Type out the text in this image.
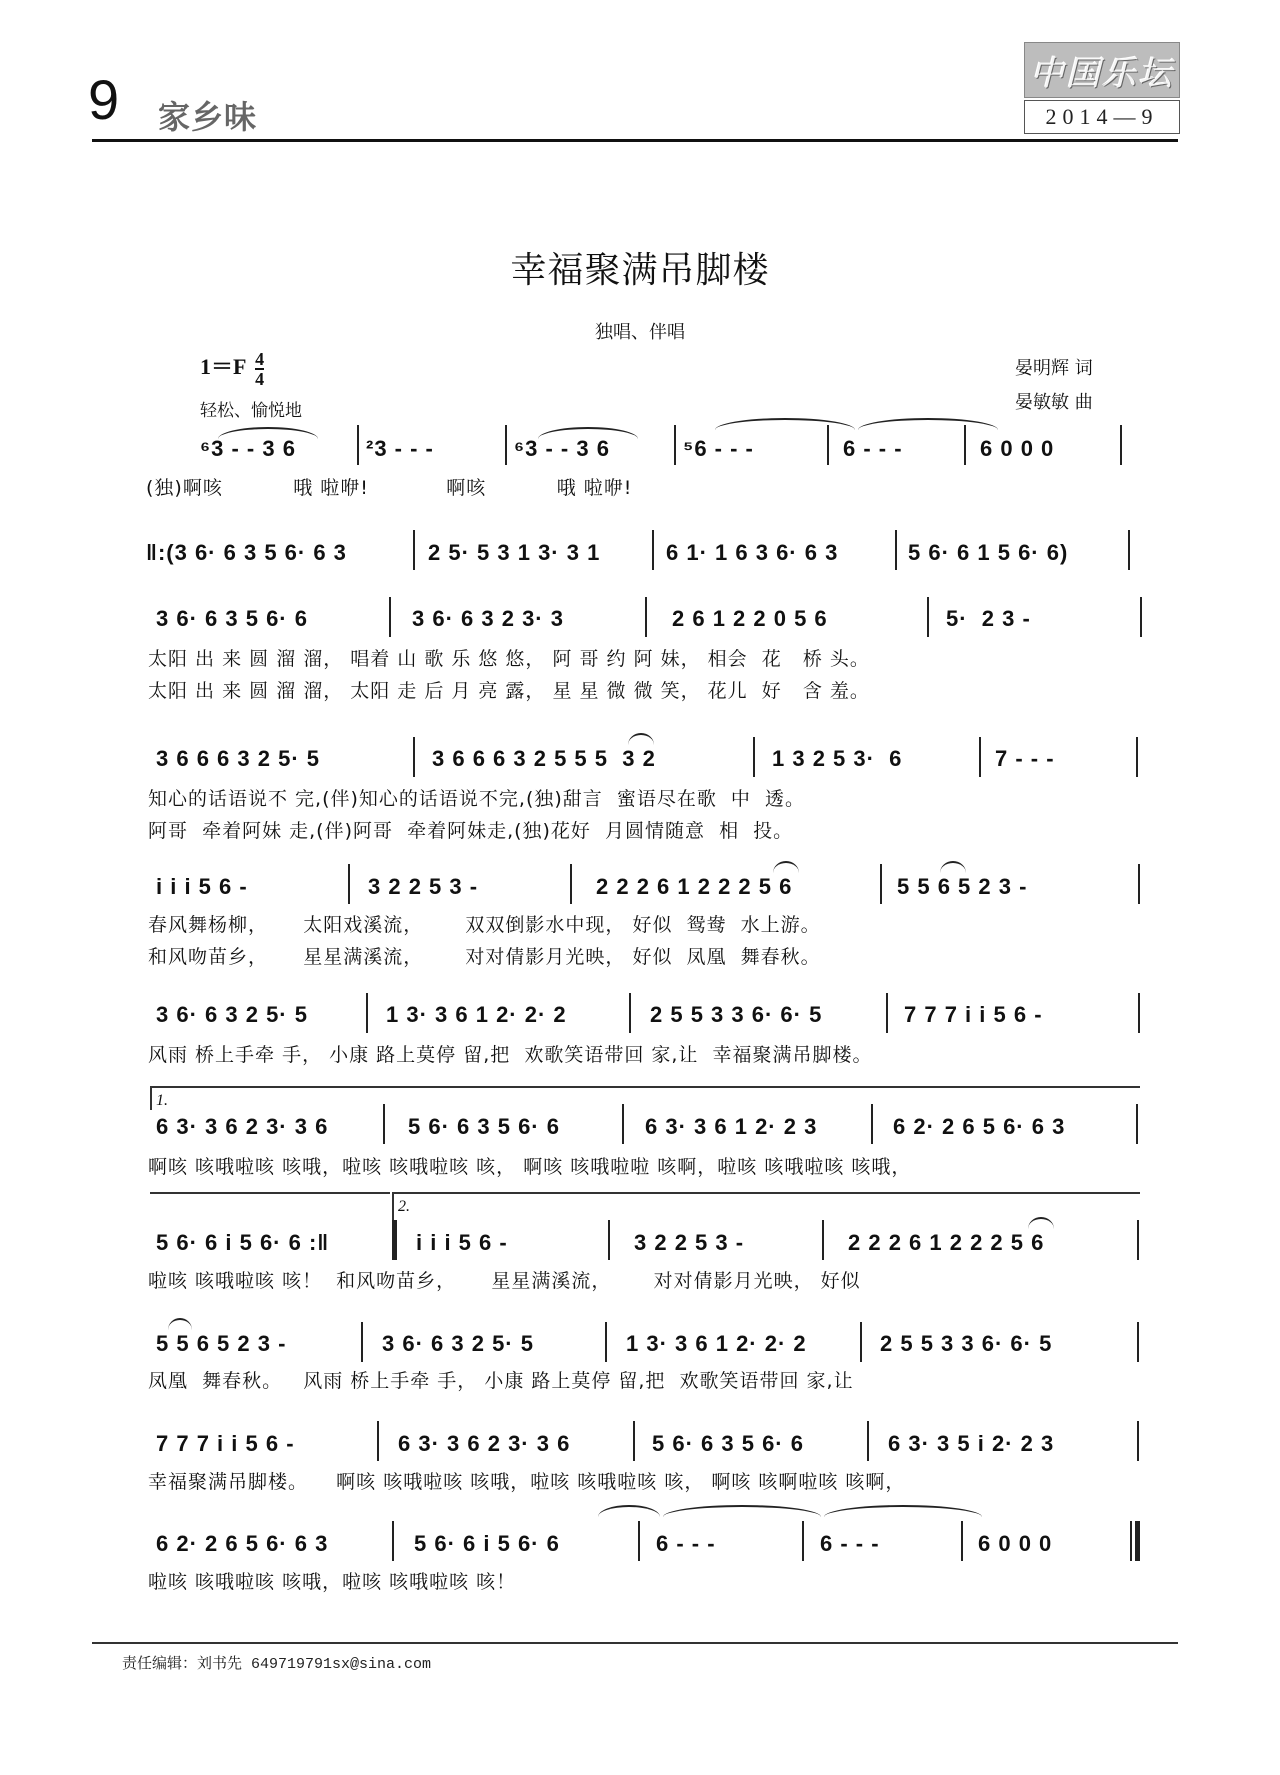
9 家乡味
中国乐坛
2014—9
幸福聚满吊脚楼
独唱、伴唱
$1=F \frac{4}{4}$
轻松、愉悦地
晏明辉 词
晏敏敏 曲
⁶3 - - 3 6	²3 - - -	⁶3 - - 3 6	⁵6 - - -	6 - - -	6 0 0 0
(独)啊咳          哦 啦咿!           啊咳          哦 啦咿!
‖:(3 6· 6 3 5 6· 6 3	2 5· 5 3 1 3· 3 1	6 1· 1 6 3 6· 6 3	5 6· 6 1 5 6· 6)
3 6· 6 3 5 6· 6	3 6· 6 3 2 3· 3	2 6 1 2 2 0 5 6	5·  2 3 -
太阳 出 来 圆 溜 溜， 唱着 山 歌 乐 悠 悠， 阿 哥 约 阿 妹， 相会  花   桥 头。
太阳 出 来 圆 溜 溜， 太阳 走 后 月 亮 露， 星 星 微 微 笑， 花儿  好   含 羞。
3 6 6 6 3 2 5· 5	3 6 6 6 3 2 5 5 5  3 2	1 3 2 5 3·  6	7 - - -
知心的话语说不 完,(伴)知心的话语说不完,(独)甜言  蜜语尽在歌  中  透。
阿哥  牵着阿妹 走,(伴)阿哥  牵着阿妹走,(独)花好  月圆情随意  相  投。
i i i 5 6 -	3 2 2 5 3 -	2 2 2 6 1 2 2 2 5 6	5 5 6 5 2 3 -
春风舞杨柳，     太阳戏溪流，      双双倒影水中现， 好似  鸳鸯  水上游。
和风吻苗乡，     星星满溪流，      对对倩影月光映， 好似  凤凰  舞春秋。
3 6· 6 3 2 5· 5	1 3· 3 6 1 2· 2· 2	2 5 5 3 3 6· 6· 5	7 7 7 i i 5 6 -
风雨 桥上手牵 手， 小康 路上莫停 留,把  欢歌笑语带回 家,让  幸福聚满吊脚楼。
1.
6 3· 3 6 2 3· 3 6	5 6· 6 3 5 6· 6	6 3· 3 6 1 2· 2 3	6 2· 2 6 5 6· 6 3
啊咳 咳哦啦咳 咳哦，啦咳 咳哦啦咳 咳， 啊咳 咳哦啦啦 咳啊，啦咳 咳哦啦咳 咳哦，
2.
5 6· 6 i 5 6· 6 :‖	i i i 5 6 -	3 2 2 5 3 -	2 2 2 6 1 2 2 2 5 6
啦咳 咳哦啦咳 咳！  和风吻苗乡，     星星满溪流，      对对倩影月光映， 好似
5 5 6 5 2 3 -	3 6· 6 3 2 5· 5	1 3· 3 6 1 2· 2· 2	2 5 5 3 3 6· 6· 5
凤凰  舞春秋。   风雨 桥上手牵 手， 小康 路上莫停 留,把  欢歌笑语带回 家,让
7 7 7 i i 5 6 -	6 3· 3 6 2 3· 3 6	5 6· 6 3 5 6· 6	6 3· 3 5 i 2· 2 3
幸福聚满吊脚楼。    啊咳 咳哦啦咳 咳哦，啦咳 咳哦啦咳 咳， 啊咳 咳啊啦咳 咳啊，
6 2· 2 6 5 6· 6 3	5 6· 6 i 5 6· 6	6 - - -	6 - - -	6 0 0 0
啦咳 咳哦啦咳 咳哦，啦咳 咳哦啦咳 咳！
责任编辑：刘书先 649719791sx@sina.com
